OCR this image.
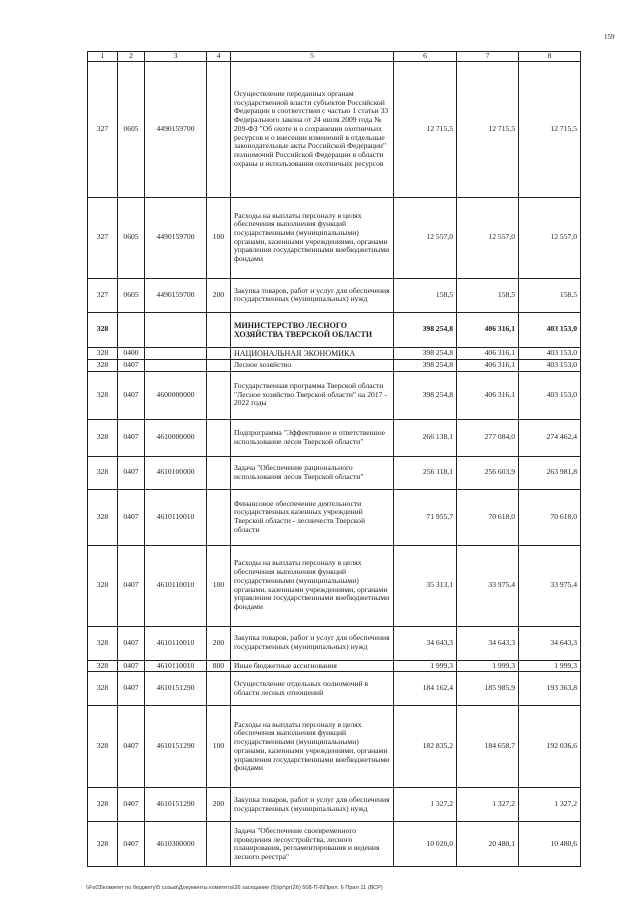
159
1	2	3	4	5	6	7	8
327	0605	4490159700		Осуществление переданных органам государственной власти субъектов Российской Федерации в соответствии с частью 1 статьи 33 Федерального закона от 24 июля 2009 года № 209-ФЗ "Об охоте и о сохранении охотничьих ресурсов и о внесении изменений в отдельные законодательные акты Российской Федерации" полномочий Российской Федерации в области охраны и использования охотничьих ресурсов	12 715,5	12 715,5	12 715,5
327	0605	4490159700	100	Расходы на выплаты персоналу в целях обеспечения выполнения функций государственными (муниципальными) органами, казенными учреждениями, органами управления государственными внебюджетными фондами	12 557,0	12 557,0	12 557,0
327	0605	4490159700	200	Закупка товаров, работ и услуг для обеспечения государственных (муниципальных) нужд	158,5	158,5	158,5
328				МИНИСТЕРСТВО ЛЕСНОГО ХОЗЯЙСТВА ТВЕРСКОЙ ОБЛАСТИ	398 254,8	406 316,1	403 153,0
328	0400			НАЦИОНАЛЬНАЯ ЭКОНОМИКА	398 254,8	406 316,1	403 153,0
328	0407			Лесное хозяйство	398 254,8	406 316,1	403 153,0
328	0407	4600000000		Государственная программа Тверской области "Лесное хозяйство Тверской области" на 2017 - 2022 годы	398 254,8	406 316,1	403 153,0
328	0407	4610000000		Подпрограмма "Эффективное и ответственное использование лесов Тверской области"	266 138,1	277 084,0	274 462,4
328	0407	4610100000		Задача "Обеспечение рационального использования лесов Тверской области"	256 118,1	256 603,9	263 981,8
328	0407	4610110010		Финансовое обеспечение деятельности государственных казенных учреждений Тверской области - лесничеств Тверской области	71 955,7	70 618,0	70 618,0
328	0407	4610110010	100	Расходы на выплаты персоналу в целях обеспечения выполнения функций государственными (муниципальными) органами, казенными учреждениями, органами управления государственными внебюджетными фондами	35 313,1	33 975,4	33 975,4
328	0407	4610110010	200	Закупка товаров, работ и услуг для обеспечения государственных (муниципальных) нужд	34 643,3	34 643,3	34 643,3
328	0407	4610110010	800	Иные бюджетные ассигнования	1 999,3	1 999,3	1 999,3
328	0407	4610151290		Осуществление отдельных полномочий в области лесных отношений	184 162,4	185 985,9	193 363,8
328	0407	4610151290	100	Расходы на выплаты персоналу в целях обеспечения выполнения функций государственными (муниципальными) органами, казенными учреждениями, органами управления государственными внебюджетными фондами	182 835,2	184 658,7	192 036,6
328	0407	4610151290	200	Закупка товаров, работ и услуг для обеспечения государственных (муниципальных) нужд	1 327,2	1 327,2	1 327,2
328	0407	4610300000		Задача "Обеспечение своевременного проведения лесоустройства, лесного планирования, регламентирования и ведения лесного реестра"	10 020,0	20 480,1	10 480,6
\\Fs03\комитет по бюджету\5 созыв\Документы комитета\26 заседание (5)\pr\pr(26) 508-П-6\Прил. 6 Прил 11 (ВСР)
